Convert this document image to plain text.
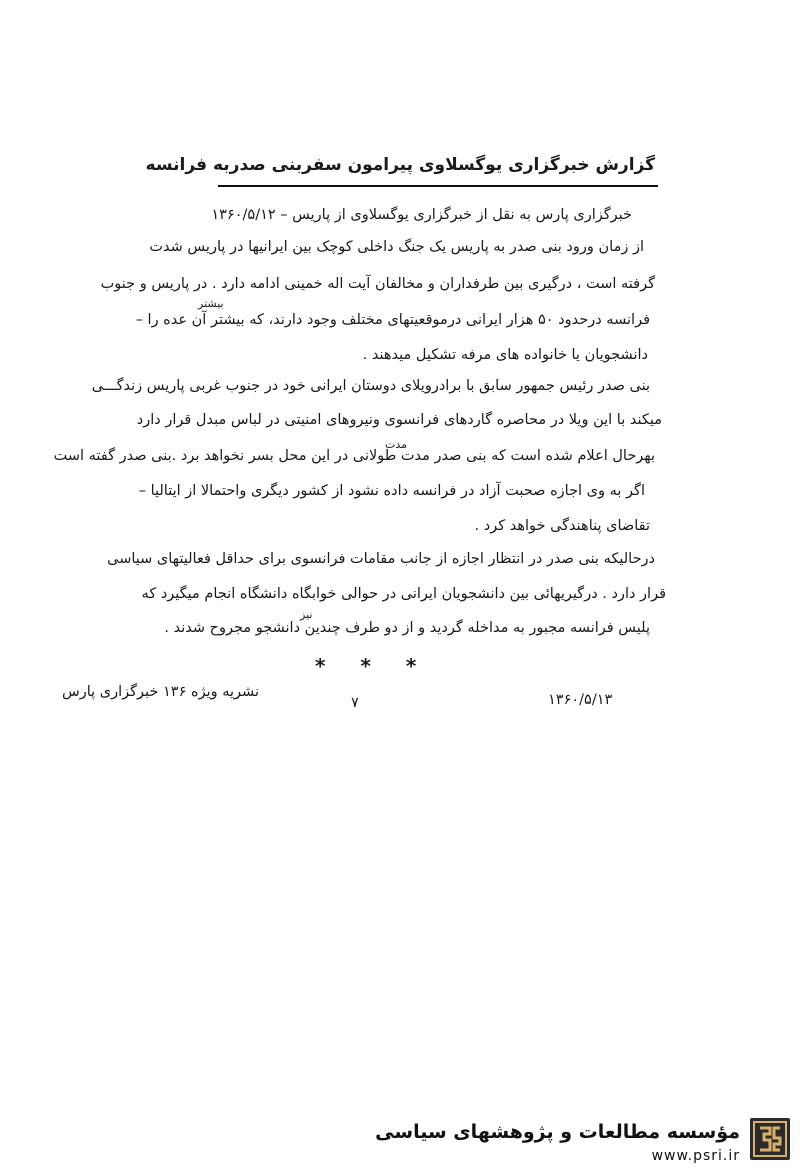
گزارش خبرگزاری یوگسلاوی پیرامون سفربنی صدربه فرانسه
خبرگزاری پارس به نقل از خبرگزاری یوگسلاوی از پاریس – ۱۳۶۰/۵/۱۲
از زمان ورود بنی صدر به پاریس یک جنگ داخلی کوچک بین ایرانیها در پاریس شدت
گرفته است ، درگیری بین طرفداران و مخالفان آیت اله خمینی ادامه دارد . در پاریس و جنوب
فرانسه درحدود ۵۰ هزار ایرانی درموقعیتهای مختلف وجود دارند، که بیشتر آن عده را –
دانشجویان یا خانواده های مرفه تشکیل میدهند .
بنی صدر رئیس جمهور سابق با برادرویلای دوستان ایرانی خود در جنوب غربی پاریس زندگـــی
میکند با این ویلا در محاصره گاردهای فرانسوی ونیروهای امنیتی در لباس مبدل قرار دارد
بهرحال اعلام شده است که بنی صدر مدت طولانی در این محل بسر نخواهد برد .بنی صدر گفته است
اگر به وی اجازه صحبت آزاد در فرانسه داده نشود از کشور دیگری واحتمالا از ایتالیا –
تقاضای پناهندگی خواهد کرد .
درحالیکه بنی صدر در انتظار اجازه از جانب مقامات فرانسوی برای حداقل فعالیتهای سیاسی
قرار دارد . درگیریهائی بین دانشجویان ایرانی در حوالی خوابگاه دانشگاه انجام میگیرد که
پلیس فرانسه مجبور به مداخله گردید و از دو طرف چندین دانشجو مجروح شدند .
بیشتر
مدت
نیز
* * *
۱۳۶۰/۵/۱۳
۷
نشریه ویژه ۱۳۶ خبرگزاری پارس
مؤسسه مطالعات و پژوهشهای سیاسی
www.psri.ir
